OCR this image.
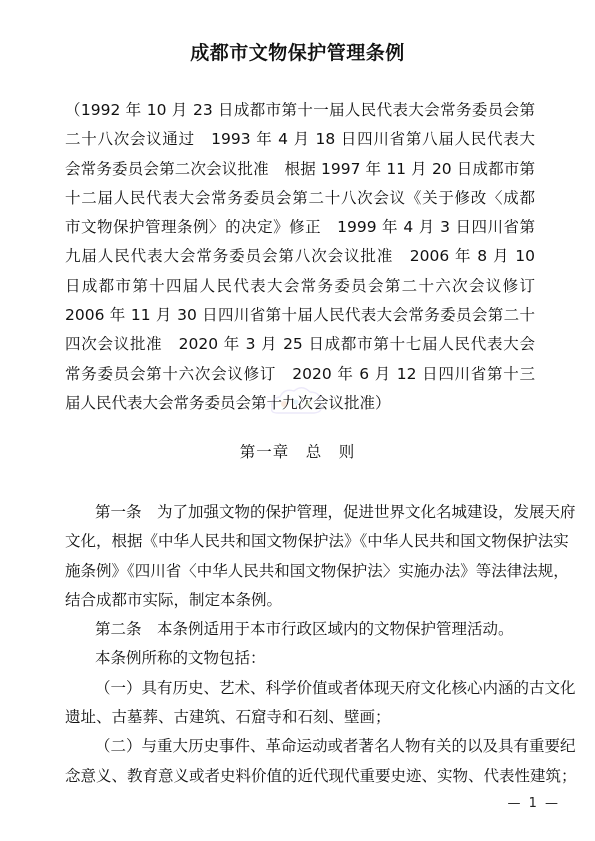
成都市文物保护管理条例
（1992 年 10 月 23 日成都市第十一届人民代表大会常务委员会第
二十八次会议通过　1993 年 4 月 18 日四川省第八届人民代表大
会常务委员会第二次会议批准　根据 1997 年 11 月 20 日成都市第
十二届人民代表大会常务委员会第二十八次会议《关于修改〈成都
市文物保护管理条例〉的决定》修正　1999 年 4 月 3 日四川省第
九届人民代表大会常务委员会第八次会议批准　2006 年 8 月 10
日成都市第十四届人民代表大会常务委员会第二十六次会议修订
2006 年 11 月 30 日四川省第十届人民代表大会常务委员会第二十
四次会议批准　2020 年 3 月 25 日成都市第十七届人民代表大会
常务委员会第十六次会议修订　2020 年 6 月 12 日四川省第十三
届人民代表大会常务委员会第十九次会议批准）
第一章　总　则
第一条　为了加强文物的保护管理，促进世界文化名城建设，发展天府
文化，根据《中华人民共和国文物保护法》《中华人民共和国文物保护法实
施条例》《四川省〈中华人民共和国文物保护法〉实施办法》等法律法规，
结合成都市实际，制定本条例。
第二条　本条例适用于本市行政区域内的文物保护管理活动。
本条例所称的文物包括：
（一）具有历史、艺术、科学价值或者体现天府文化核心内涵的古文化
遗址、古墓葬、古建筑、石窟寺和石刻、壁画；
（二）与重大历史事件、革命运动或者著名人物有关的以及具有重要纪
念意义、教育意义或者史料价值的近代现代重要史迹、实物、代表性建筑；
— 1 —
